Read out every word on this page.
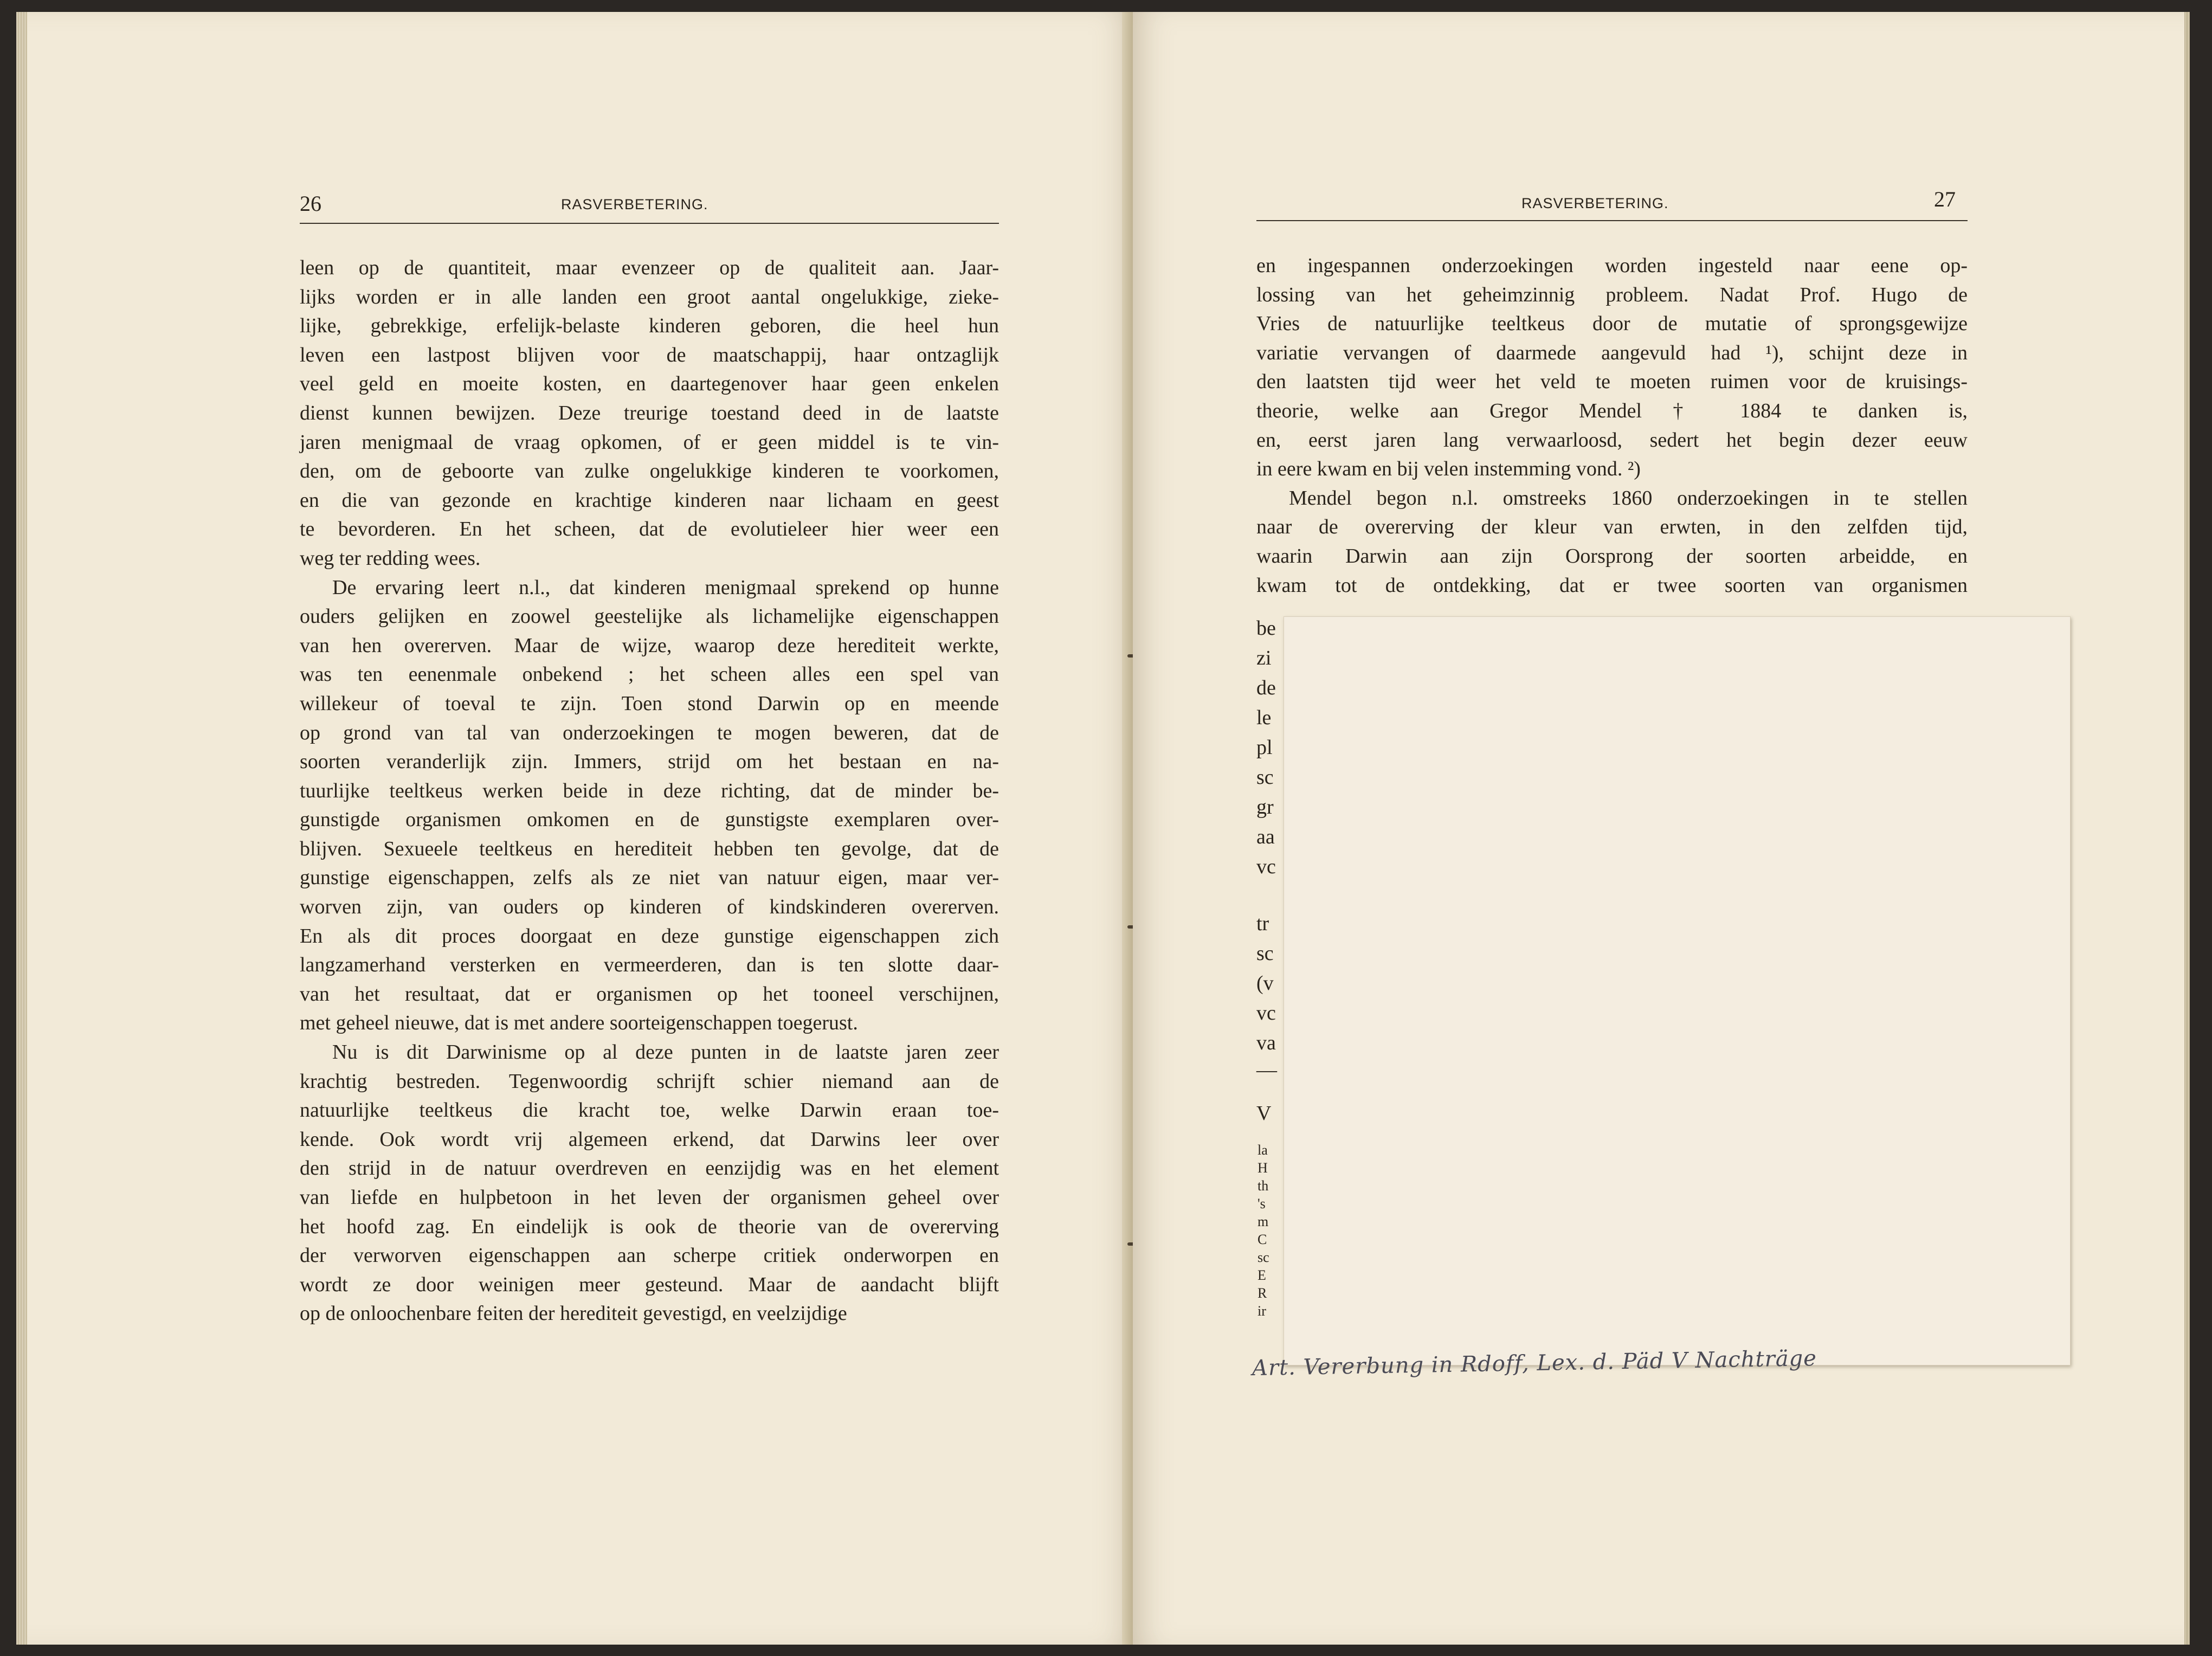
26	RASVERBETERING.
leen op de quantiteit, maar evenzeer op de qualiteit aan. Jaar-
lijks worden er in alle landen een groot aantal ongelukkige, zieke-
lijke, gebrekkige, erfelijk-belaste kinderen geboren, die heel hun
leven een lastpost blijven voor de maatschappij, haar ontzaglijk
veel geld en moeite kosten, en daartegenover haar geen enkelen
dienst kunnen bewijzen. Deze treurige toestand deed in de laatste
jaren menigmaal de vraag opkomen, of er geen middel is te vin-
den, om de geboorte van zulke ongelukkige kinderen te voorkomen,
en die van gezonde en krachtige kinderen naar lichaam en geest
te bevorderen. En het scheen, dat de evolutieleer hier weer een
weg ter redding wees.
De ervaring leert n.l., dat kinderen menigmaal sprekend op hunne
ouders gelijken en zoowel geestelijke als lichamelijke eigenschappen
van hen overerven. Maar de wijze, waarop deze herediteit werkte,
was ten eenenmale onbekend ; het scheen alles een spel van
willekeur of toeval te zijn. Toen stond Darwin op en meende
op grond van tal van onderzoekingen te mogen beweren, dat de
soorten veranderlijk zijn. Immers, strijd om het bestaan en na-
tuurlijke teeltkeus werken beide in deze richting, dat de minder be-
gunstigde organismen omkomen en de gunstigste exemplaren over-
blijven. Sexueele teeltkeus en herediteit hebben ten gevolge, dat de
gunstige eigenschappen, zelfs als ze niet van natuur eigen, maar ver-
worven zijn, van ouders op kinderen of kindskinderen overerven.
En als dit proces doorgaat en deze gunstige eigenschappen zich
langzamerhand versterken en vermeerderen, dan is ten slotte daar-
van het resultaat, dat er organismen op het tooneel verschijnen,
met geheel nieuwe, dat is met andere soorteigenschappen toegerust.
Nu is dit Darwinisme op al deze punten in de laatste jaren zeer
krachtig bestreden. Tegenwoordig schrijft schier niemand aan de
natuurlijke teeltkeus die kracht toe, welke Darwin eraan toe-
kende. Ook wordt vrij algemeen erkend, dat Darwins leer over
den strijd in de natuur overdreven en eenzijdig was en het element
van liefde en hulpbetoon in het leven der organismen geheel over
het hoofd zag. En eindelijk is ook de theorie van de overerving
der verworven eigenschappen aan scherpe critiek onderworpen en
wordt ze door weinigen meer gesteund. Maar de aandacht blijft
op de onloochenbare feiten der herediteit gevestigd, en veelzijdige
RASVERBETERING.	27
en ingespannen onderzoekingen worden ingesteld naar eene op-
lossing van het geheimzinnig probleem. Nadat Prof. Hugo de
Vries de natuurlijke teeltkeus door de mutatie of sprongsgewijze
variatie vervangen of daarmede aangevuld had ¹), schijnt deze in
den laatsten tijd weer het veld te moeten ruimen voor de kruisings-
theorie, welke aan Gregor Mendel † 1884 te danken is,
en, eerst jaren lang verwaarloosd, sedert het begin dezer eeuw
in eere kwam en bij velen instemming vond. ²)
Mendel begon n.l. omstreeks 1860 onderzoekingen in te stellen
naar de overerving der kleur van erwten, in den zelfden tijd,
waarin Darwin aan zijn Oorsprong der soorten arbeidde, en
kwam tot de ontdekking, dat er twee soorten van organismen
be
zi
de
le
pl
sc
gr
aa
vc
tr
sc
(v
vc
va
—
V
la
H
th
's
m
C
sc
E
R
ir
Art. Vererbung in Rdoff, Lex. d. Päd V Nachträge
